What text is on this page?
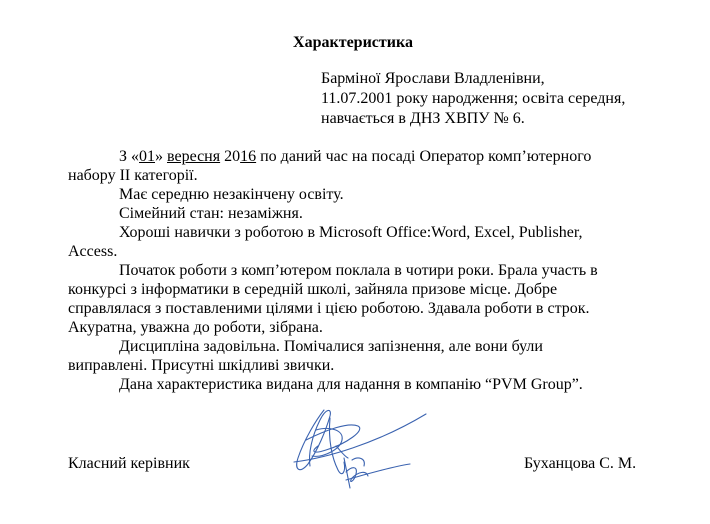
Характеристика
Бармiноï Ярослави Владленiвни,
11.07.2001 року народження; освiта середня,
навчається в ДНЗ ХВПУ № 6.
З «01» вересня 2016 по даний час на посадi Оператор комп’ютерного
набору II категорiї.
Має середню незакiнчену освiту.
Сiмейний стан: незамiжня.
Хорошi навички з роботою в Microsoft Office:Word, Excel, Publisher,
Access.
Початок роботи з комп’ютером поклала в чотири роки. Брала участь в
конкурсi з iнформатики в середнiй школi, зайняла призове мiсце. Добре
справлялася з поставленими цiлями i цiєю роботою. Здавала роботи в строк.
Акуратна, уважна до роботи, зiбрана.
Дисциплiна задовiльна. Помiчалися запiзнення, але вони були
виправленi. Присутнi шкiдливi звички.
Дана характеристика видана для надання в компанiю “PVM Group”.
Класний керiвник	Буханцова С. М.
